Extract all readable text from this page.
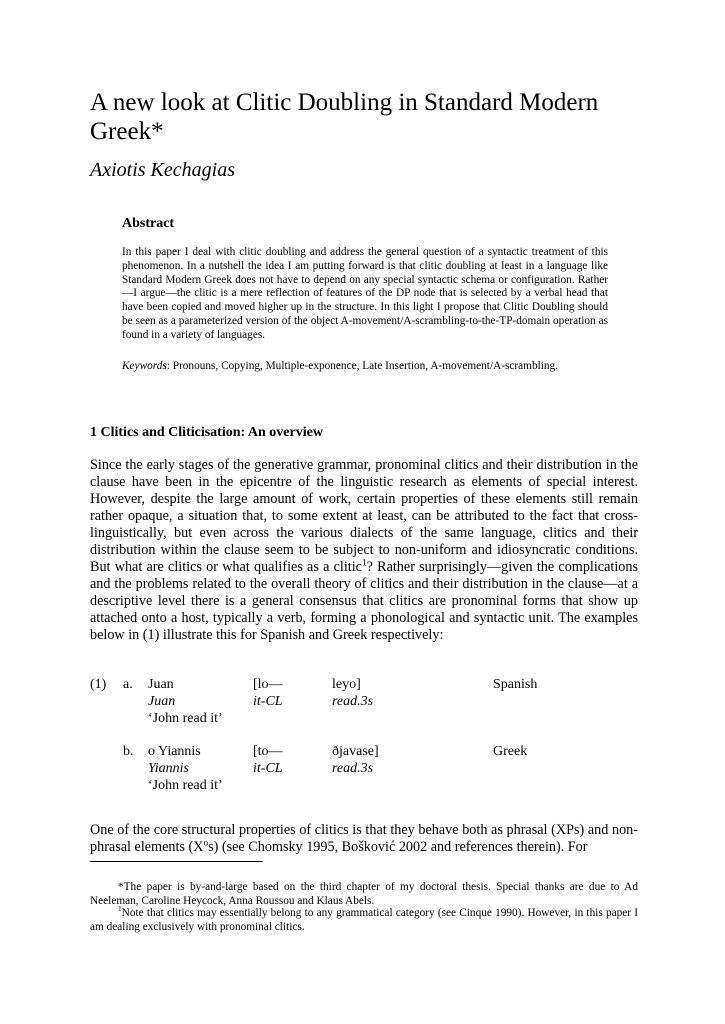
A new look at Clitic Doubling in Standard Modern Greek*
Axiotis Kechagias
Abstract

In this paper I deal with clitic doubling and address the general question of a syntactic treatment of this phenomenon. In a nutshell the idea I am putting forward is that clitic doubling at least in a language like Standard Modern Greek does not have to depend on any special syntactic schema or configuration. Rather—I argue—the clitic is a mere reflection of features of the DP node that is selected by a verbal head that have been copied and moved higher up in the structure. In this light I propose that Clitic Doubling should be seen as a parameterized version of the object A-movement/A-scrambling-to-the-TP-domain operation as found in a variety of languages.

Keywords: Pronouns, Copying, Multiple-exponence, Late Insertion, A-movement/A-scrambling.

1 Clitics and Cliticisation: An overview

Since the early stages of the generative grammar, pronominal clitics and their distribution in the clause have been in the epicentre of the linguistic research as elements of special interest. However, despite the large amount of work, certain properties of these elements still remain rather opaque, a situation that, to some extent at least, can be attributed to the fact that cross-linguistically, but even across the various dialects of the same language, clitics and their distribution within the clause seem to be subject to non-uniform and idiosyncratic conditions. But what are clitics or what qualifies as a clitic$^1$? Rather surprisingly—given the complications and the problems related to the overall theory of clitics and their distribution in the clause—at a descriptive level there is a general consensus that clitics are pronominal forms that show up attached onto a host, typically a verb, forming a phonological and syntactic unit. The examples below in (1) illustrate this for Spanish and Greek respectively:

(1) a. Juan	[lo—	leyo]	Spanish
Juan	it-CL	read.3s
‘John read it’
b. o Yiannis	[to—	ðjavase]	Greek
Yiannis	it-CL	read.3s
‘John read it’

One of the core structural properties of clitics is that they behave both as phrasal (XPs) and non-phrasal elements $(X^os)$ (see Chomsky 1995, Bošković 2002 and references therein). For

*The paper is by-and-large based on the third chapter of my doctoral thesis. Special thanks are due to Ad Neeleman, Caroline Heycock, Anna Roussou and Klaus Abels.

$^1$Note that clitics may essentially belong to any grammatical category (see Cinque 1990). However, in this paper I am dealing exclusively with pronominal clitics.
